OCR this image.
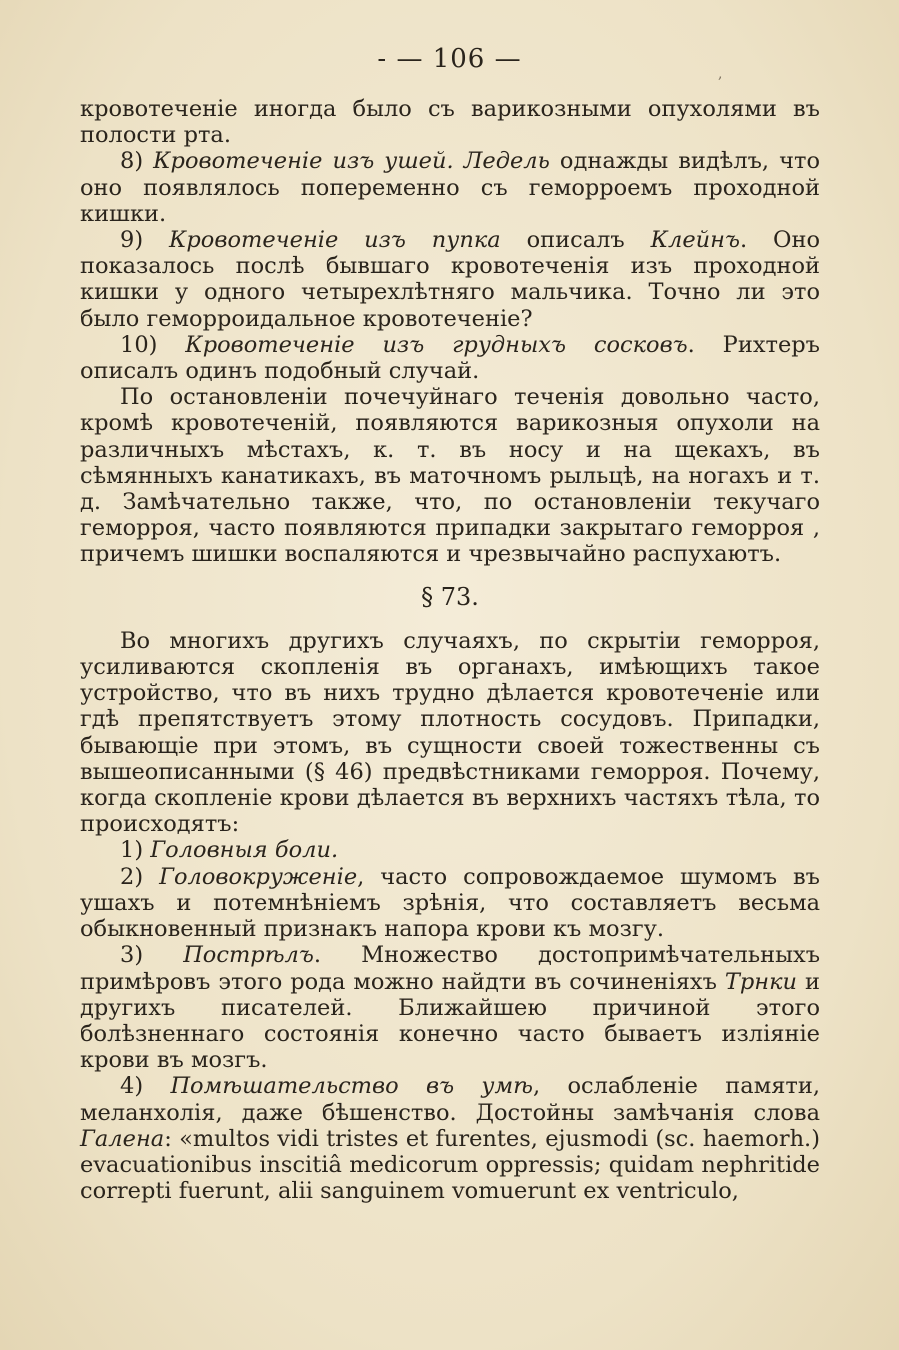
- — 106 —	,

кровотеченіе иногда было съ варикозными опухолями въ полости рта.

8) Кровотеченіе изъ ушей. Ледель однажды видѣлъ, что оно появлялось попеременно съ геморроемъ проходной кишки.

9) Кровотеченіе изъ пупка описалъ Клейнъ. Оно показалось послѣ бывшаго кровотеченія изъ проходной кишки у одного четырехлѣтняго мальчика. Точно ли это было геморроидальное кровотеченіе?

10) Кровотеченіе изъ грудныхъ сосковъ. Рихтеръ описалъ одинъ подобный случай.

По остановленіи почечуйнаго теченія довольно часто, кромѣ кровотеченій, появляются варикозныя опухоли на различныхъ мѣстахъ, к. т. въ носу и на щекахъ, въ сѣмянныхъ канатикахъ, въ маточномъ рыльцѣ, на ногахъ и т. д. Замѣчательно также, что, по остановленіи текучаго геморроя, часто появляются припадки закрытаго геморроя , причемъ шишки воспаляются и чрезвычайно распухаютъ.

§ 73.

Во многихъ другихъ случаяхъ, по скрытіи геморроя, усиливаются скопленія въ органахъ, имѣющихъ такое устройство, что въ нихъ трудно дѣлается кровотеченіе или гдѣ препятствуетъ этому плотность сосудовъ. Припадки, бывающіе при этомъ, въ сущности своей тожественны съ вышеописанными (§ 46) предвѣстниками геморроя. Почему, когда скопленіе крови дѣлается въ верхнихъ частяхъ тѣла, то происходятъ:

1) Головныя боли.

2) Головокруженіе, часто сопровождаемое шумомъ въ ушахъ и потемнѣніемъ зрѣнія, что составляетъ весьма обыкновенный признакъ напора крови къ мозгу.

3) Пострѣлъ. Множество достопримѣчательныхъ примѣровъ этого рода можно найдти въ сочиненіяхъ Трнки и другихъ писателей. Ближайшею причиной этого болѣзненнаго состоянія конечно часто бываетъ изліяніе крови въ мозгъ.

4) Помѣшательство въ умѣ, ослабленіе памяти, меланхолія, даже бѣшенство. Достойны замѣчанія слова Галена: «multos vidi tristes et furentes, ejusmodi (sc. haemorh.) evacuationibus inscitiâ medicorum oppressis; quidam nephritide correpti fuerunt, alii sanguinem vomuerunt ex ventriculo,
